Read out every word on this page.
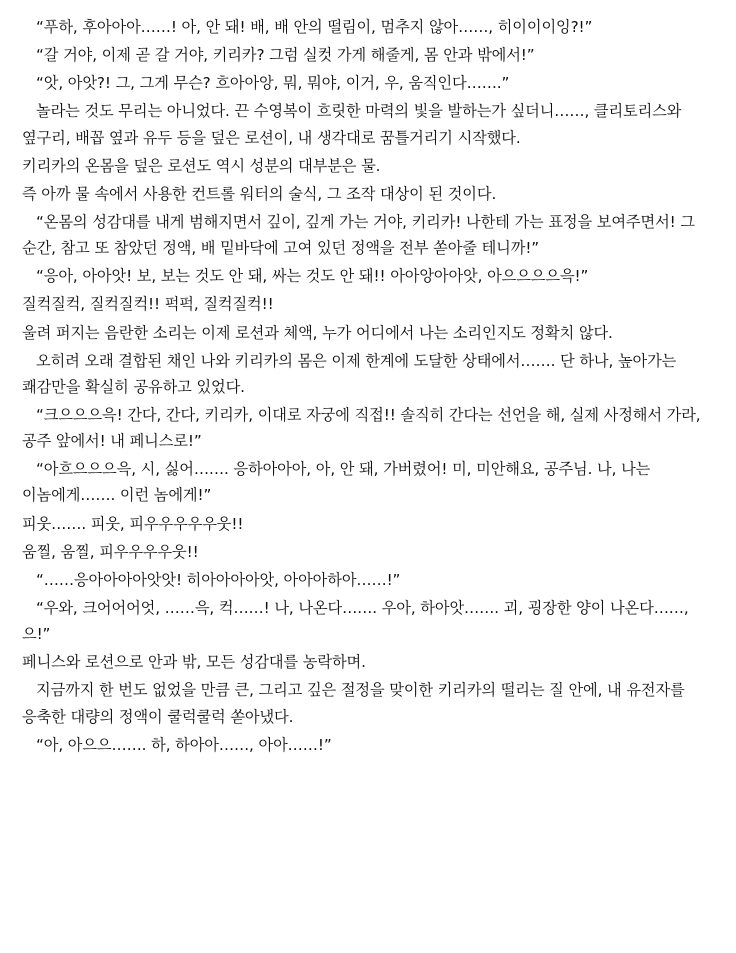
“푸하, 후아아아……! 아, 안 돼! 배, 배 안의 떨림이, 멈추지 않아……, 히이이이잉?!”

“갈 거야, 이제 곧 갈 거야, 키리카? 그럼 실컷 가게 해줄게, 몸 안과 밖에서!”

“앗, 아앗?! 그, 그게 무슨? 흐아아앙, 뭐, 뭐야, 이거, 우, 움직인다…….”

놀라는 것도 무리는 아니었다. 끈 수영복이 흐릿한 마력의 빛을 발하는가 싶더니……, 클리토리스와 옆구리, 배꼽 옆과 유두 등을 덮은 로션이, 내 생각대로 꿈틀거리기 시작했다.

키리카의 온몸을 덮은 로션도 역시 성분의 대부분은 물.

즉 아까 물 속에서 사용한 컨트롤 워터의 술식, 그 조작 대상이 된 것이다.

“온몸의 성감대를 내게 범해지면서 깊이, 깊게 가는 거야, 키리카! 나한테 가는 표정을 보여주면서! 그 순간, 참고 또 참았던 정액, 배 밑바닥에 고여 있던 정액을 전부 쏟아줄 테니까!”

“응아, 아아앗! 보, 보는 것도 안 돼, 싸는 것도 안 돼!! 아아앙아아앗, 아으으으으윽!”

질컥질컥, 질컥질컥!! 퍽퍽, 질컥질컥!!

울려 퍼지는 음란한 소리는 이제 로션과 체액, 누가 어디에서 나는 소리인지도 정확치 않다.

오히려 오래 결합된 채인 나와 키리카의 몸은 이제 한계에 도달한 상태에서……. 단 하나, 높아가는 쾌감만을 확실히 공유하고 있었다.

“크으으으윽! 간다, 간다, 키리카, 이대로 자궁에 직접!! 솔직히 간다는 선언을 해, 실제 사정해서 가라, 공주 앞에서! 내 페니스로!”

“아흐으으으윽, 시, 싫어……. 응하아아아, 아, 안 돼, 가버렸어! 미, 미안해요, 공주님. 나, 나는 이놈에게……. 이런 놈에게!”

피웃……. 피웃, 피우우우우우웃!!

움찔, 움찔, 피우우우우웃!!

“……응아아아아앗앗! 히아아아아앗, 아아아하아……!”

“우와, 크어어어엇, ……윽, 컥……! 나, 나온다……. 우아, 하아앗……. 괴, 굉장한 양이 나온다……, 으!”

페니스와 로션으로 안과 밖, 모든 성감대를 농락하며.

지금까지 한 번도 없었을 만큼 큰, 그리고 깊은 절정을 맞이한 키리카의 떨리는 질 안에, 내 유전자를 응축한 대량의 정액이 쿨럭쿨럭 쏟아냈다.

“아, 아으으……. 하, 하아아……, 아아……!”
